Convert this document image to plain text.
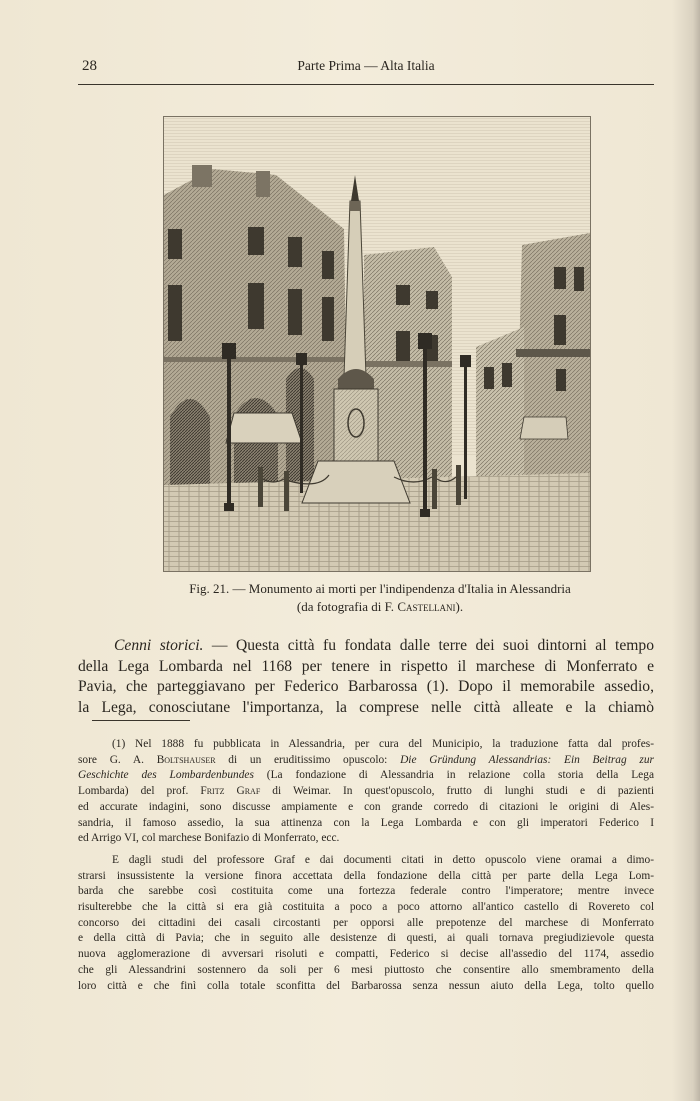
28	Parte Prima — Alta Italia
Fig. 21. — Monumento ai morti per l'indipendenza d'Italia in Alessandria
(da fotografia di F. Castellani).
Cenni storici. — Questa città fu fondata dalle terre dei suoi dintorni al tempo
della Lega Lombarda nel 1168 per tenere in rispetto il marchese di Monferrato e
Pavia, che parteggiavano per Federico Barbarossa (1). Dopo il memorabile assedio,
la Lega, conosciutane l'importanza, la comprese nelle città alleate e la chiamò
(1) Nel 1888 fu pubblicata in Alessandria, per cura del Municipio, la traduzione fatta dal profes-
sore G. A. Boltshauser di un eruditissimo opuscolo: Die Gründung Alessandrias: Ein Beitrag zur
Geschichte des Lombardenbundes (La fondazione di Alessandria in relazione colla storia della Lega
Lombarda) del prof. Fritz Graf di Weimar. In quest'opuscolo, frutto di lunghi studi e di pazienti
ed accurate indagini, sono discusse ampiamente e con grande corredo di citazioni le origini di Ales-
sandria, il famoso assedio, la sua attinenza con la Lega Lombarda e con gli imperatori Federico I
ed Arrigo VI, col marchese Bonifazio di Monferrato, ecc.
E dagli studi del professore Graf e dai documenti citati in detto opuscolo viene oramai a dimo-
strarsi insussistente la versione finora accettata della fondazione della città per parte della Lega Lom-
barda che sarebbe così costituita come una fortezza federale contro l'imperatore; mentre invece
risulterebbe che la città si era già costituita a poco a poco attorno all'antico castello di Rovereto col
concorso dei cittadini dei casali circostanti per opporsi alle prepotenze del marchese di Monferrato
e della città di Pavia; che in seguito alle desistenze di questi, ai quali tornava pregiudizievole questa
nuova agglomerazione di avversari risoluti e compatti, Federico si decise all'assedio del 1174, assedio
che gli Alessandrini sostennero da soli per 6 mesi piuttosto che consentire allo smembramento della
loro città e che finì colla totale sconfitta del Barbarossa senza nessun aiuto della Lega, tolto quello
